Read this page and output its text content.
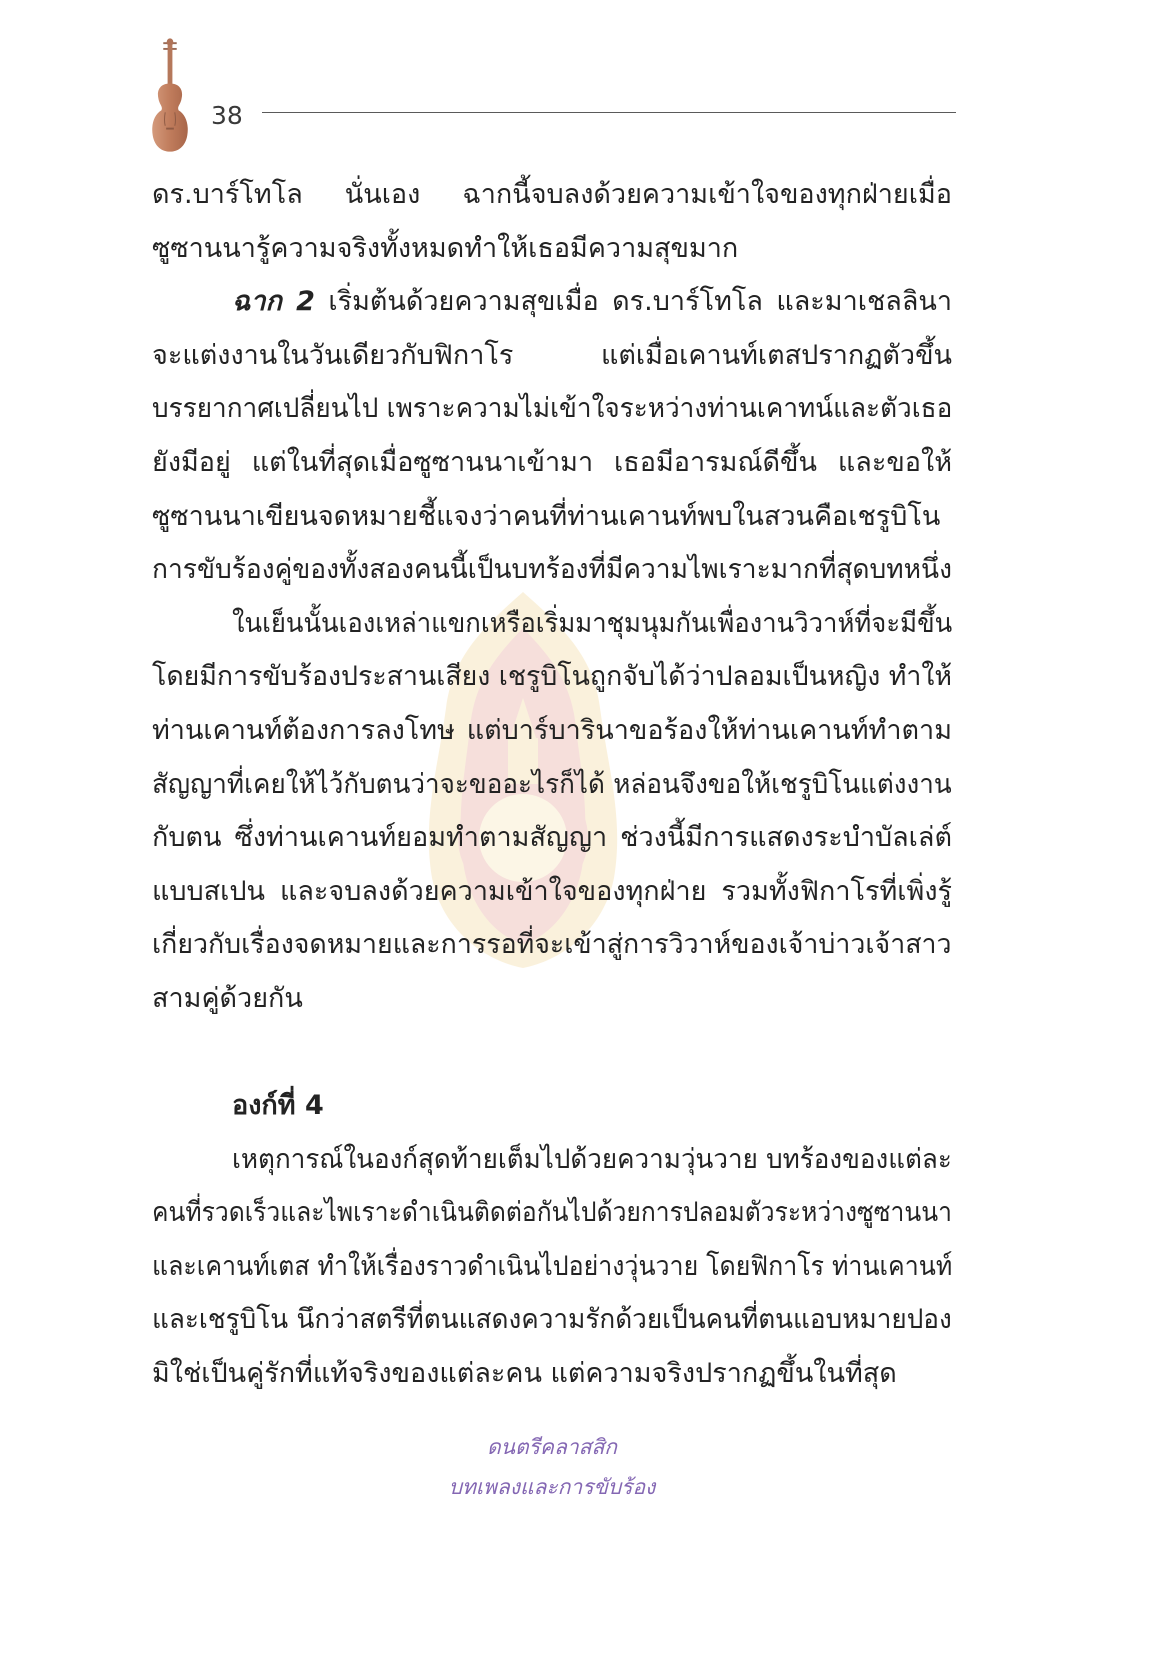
38
ดร.บาร์โทโล นั่นเอง ฉากนี้จบลงด้วยความเข้าใจของทุกฝ่ายเมื่อ
ซูซานนารู้ความจริงทั้งหมดทำให้เธอมีความสุขมาก
ฉาก 2 เริ่มต้นด้วยความสุขเมื่อ ดร.บาร์โทโล และมาเชลลินา
จะแต่งงานในวันเดียวกับฟิกาโร แต่เมื่อเคานท์เตสปรากฏตัวขึ้น
บรรยากาศเปลี่ยนไป เพราะความไม่เข้าใจระหว่างท่านเคาทน์และตัวเธอ
ยังมีอยู่ แต่ในที่สุดเมื่อซูซานนาเข้ามา เธอมีอารมณ์ดีขึ้น และขอให้
ซูซานนาเขียนจดหมายชี้แจงว่าคนที่ท่านเคานท์พบในสวนคือเชรูบิโน
การขับร้องคู่ของทั้งสองคนนี้เป็นบทร้องที่มีความไพเราะมากที่สุดบทหนึ่ง
ในเย็นนั้นเองเหล่าแขกเหรือเริ่มมาชุมนุมกันเพื่องานวิวาห์ที่จะมีขึ้น
โดยมีการขับร้องประสานเสียง เชรูบิโนถูกจับได้ว่าปลอมเป็นหญิง ทำให้
ท่านเคานท์ต้องการลงโทษ แต่บาร์บารินาขอร้องให้ท่านเคานท์ทำตาม
สัญญาที่เคยให้ไว้กับตนว่าจะขออะไรก็ได้ หล่อนจึงขอให้เชรูบิโนแต่งงาน
กับตน ซึ่งท่านเคานท์ยอมทำตามสัญญา ช่วงนี้มีการแสดงระบำบัลเล่ต์
แบบสเปน และจบลงด้วยความเข้าใจของทุกฝ่าย รวมทั้งฟิกาโรที่เพิ่งรู้
เกี่ยวกับเรื่องจดหมายและการรอที่จะเข้าสู่การวิวาห์ของเจ้าบ่าวเจ้าสาว
สามคู่ด้วยกัน
องก์ที่ 4
เหตุการณ์ในองก์สุดท้ายเต็มไปด้วยความวุ่นวาย บทร้องของแต่ละ
คนที่รวดเร็วและไพเราะดำเนินติดต่อกันไปด้วยการปลอมตัวระหว่างซูซานนา
และเคานท์เตส ทำให้เรื่องราวดำเนินไปอย่างวุ่นวาย โดยฟิกาโร ท่านเคานท์
และเชรูบิโน นึกว่าสตรีที่ตนแสดงความรักด้วยเป็นคนที่ตนแอบหมายปอง
มิใช่เป็นคู่รักที่แท้จริงของแต่ละคน แต่ความจริงปรากฏขึ้นในที่สุด
ดนตรีคลาสสิก
บทเพลงและการขับร้อง
